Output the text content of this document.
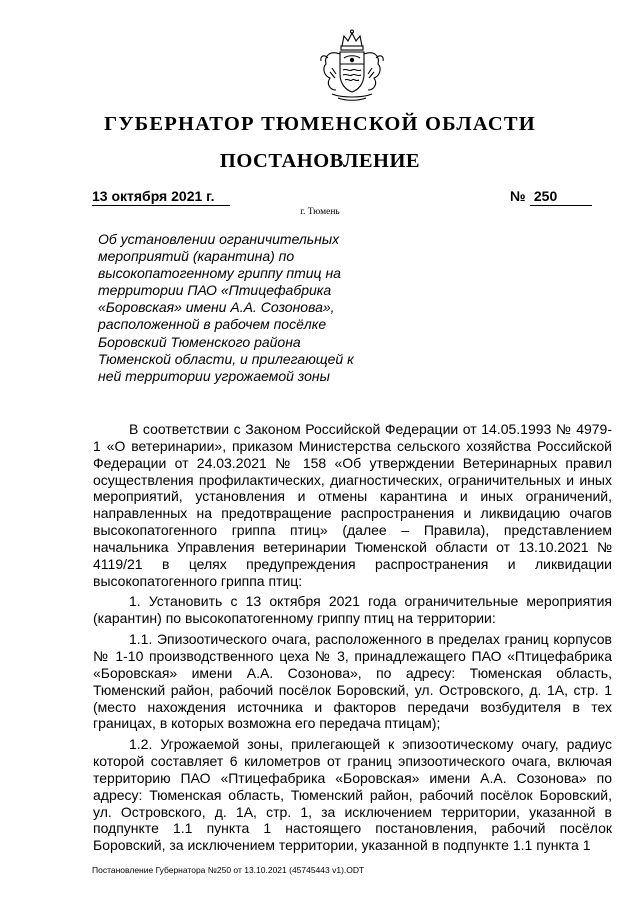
ГУБЕРНАТОР ТЮМЕНСКОЙ ОБЛАСТИ
ПОСТАНОВЛЕНИЕ
13 октября 2021 г.	№ 250
г. Тюмень
Об установлении ограничительных мероприятий (карантина) по высокопатогенному гриппу птиц на территории ПАО «Птицефабрика «Боровская» имени А.А. Созонова», расположенной в рабочем посёлке Боровский Тюменского района Тюменской области, и прилегающей к ней территории угрожаемой зоны

В соответствии с Законом Российской Федерации от 14.05.1993 № 4979-1 «О ветеринарии», приказом Министерства сельского хозяйства Российской Федерации от 24.03.2021 № 158 «Об утверждении Ветеринарных правил осуществления профилактических, диагностических, ограничительных и иных мероприятий, установления и отмены карантина и иных ограничений, направленных на предотвращение распространения и ликвидацию очагов высокопатогенного гриппа птиц» (далее – Правила), представлением начальника Управления ветеринарии Тюменской области от 13.10.2021 № 4119/21 в целях предупреждения распространения и ликвидации высокопатогенного гриппа птиц:

1. Установить с 13 октября 2021 года ограничительные мероприятия (карантин) по высокопатогенному гриппу птиц на территории:

1.1. Эпизоотического очага, расположенного в пределах границ корпусов № 1-10 производственного цеха № 3, принадлежащего ПАО «Птицефабрика «Боровская» имени А.А. Созонова», по адресу: Тюменская область, Тюменский район, рабочий посёлок Боровский, ул. Островского, д. 1А, стр. 1 (место нахождения источника и факторов передачи возбудителя в тех границах, в которых возможна его передача птицам);

1.2. Угрожаемой зоны, прилегающей к эпизоотическому очагу, радиус которой составляет 6 километров от границ эпизоотического очага, включая территорию ПАО «Птицефабрика «Боровская» имени А.А. Созонова» по адресу: Тюменская область, Тюменский район, рабочий посёлок Боровский, ул. Островского, д. 1А, стр. 1, за исключением территории, указанной в подпункте 1.1 пункта 1 настоящего постановления, рабочий посёлок Боровский, за исключением территории, указанной в подпункте 1.1 пункта 1

Постановление Губернатора №250 от 13.10.2021 (45745443 v1).ODT
